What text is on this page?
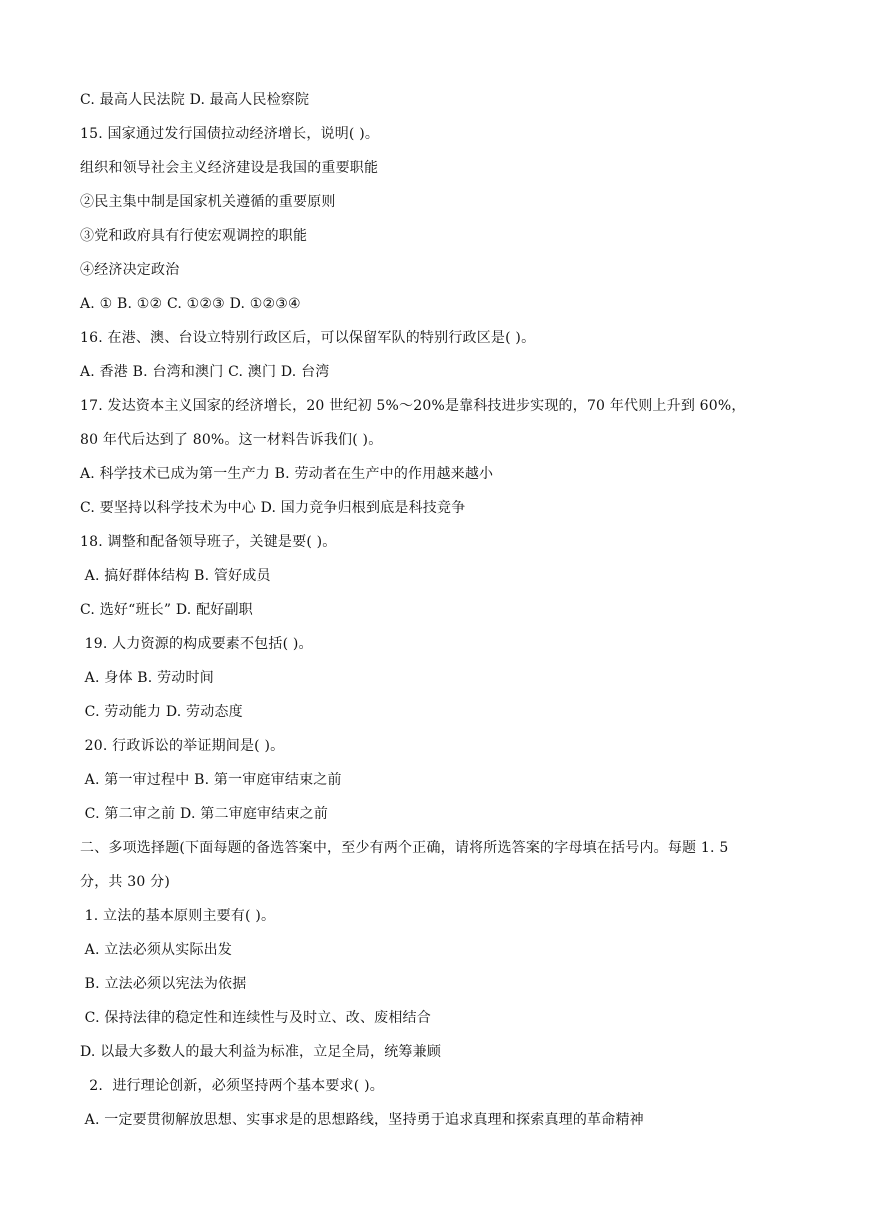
C. 最高人民法院 D. 最高人民检察院
15. 国家通过发行国债拉动经济增长，说明( )。
组织和领导社会主义经济建设是我国的重要职能
②民主集中制是国家机关遵循的重要原则
③党和政府具有行使宏观调控的职能
④经济决定政治
A. ① B. ①② C. ①②③ D. ①②③④
16. 在港、澳、台设立特别行政区后，可以保留军队的特别行政区是( )。
A. 香港 B. 台湾和澳门 C. 澳门 D. 台湾
17. 发达资本主义国家的经济增长，20 世纪初 5%～20%是靠科技进步实现的，70 年代则上升到 60%，
80 年代后达到了 80%。这一材料告诉我们( )。
A. 科学技术已成为第一生产力 B. 劳动者在生产中的作用越来越小
C. 要坚持以科学技术为中心 D. 国力竞争归根到底是科技竞争
18. 调整和配备领导班子，关键是要( )。
A. 搞好群体结构 B. 管好成员
C. 选好“班长” D. 配好副职
19. 人力资源的构成要素不包括( )。
A. 身体 B. 劳动时间
C. 劳动能力 D. 劳动态度
20. 行政诉讼的举证期间是( )。
A. 第一审过程中 B. 第一审庭审结束之前
C. 第二审之前 D. 第二审庭审结束之前
二、多项选择题(下面每题的备选答案中，至少有两个正确，请将所选答案的字母填在括号内。每题 1. 5
分，共 30 分)
1. 立法的基本原则主要有( )。
A. 立法必须从实际出发
B. 立法必须以宪法为依据
C. 保持法律的稳定性和连续性与及时立、改、废相结合
D. 以最大多数人的最大利益为标准，立足全局，统筹兼顾
2.  进行理论创新，必须坚持两个基本要求( )。
A. 一定要贯彻解放思想、实事求是的思想路线，坚持勇于追求真理和探索真理的革命精神
